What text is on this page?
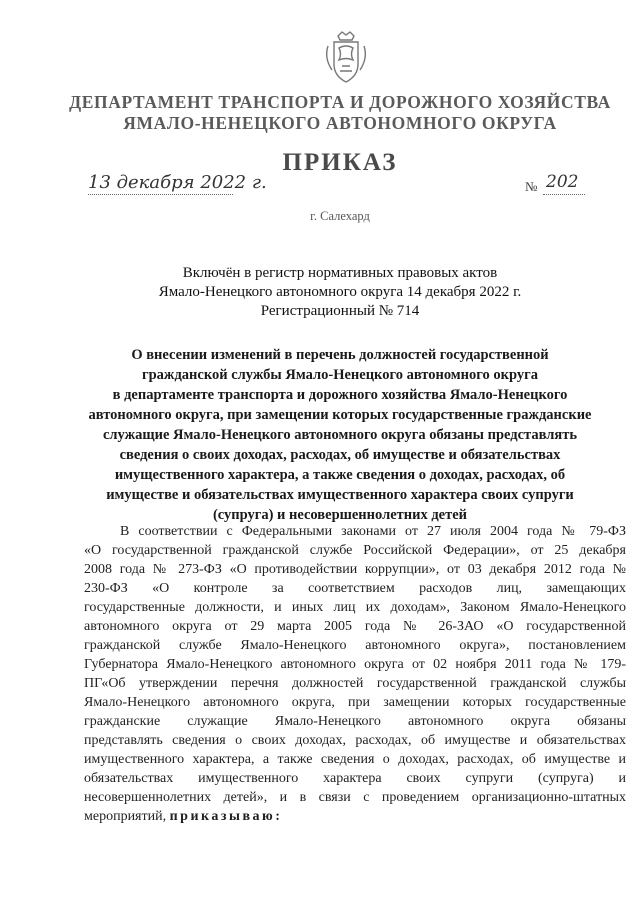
ДЕПАРТАМЕНТ ТРАНСПОРТА И ДОРОЖНОГО ХОЗЯЙСТВА
ЯМАЛО-НЕНЕЦКОГО АВТОНОМНОГО ОКРУГА
ПРИКАЗ
13 декабря 2022 г.	№ 202
г. Салехард
Включён в регистр нормативных правовых актов
Ямало-Ненецкого автономного округа 14 декабря 2022 г.
Регистрационный № 714
О внесении изменений в перечень должностей государственной
гражданской службы Ямало-Ненецкого автономного округа
в департаменте транспорта и дорожного хозяйства Ямало-Ненецкого
автономного округа, при замещении которых государственные гражданские
служащие Ямало-Ненецкого автономного округа обязаны представлять
сведения о своих доходах, расходах, об имуществе и обязательствах
имущественного характера, а также сведения о доходах, расходах, об
имуществе и обязательствах имущественного характера своих супруги
(супруга) и несовершеннолетних детей
В соответствии с Федеральными законами от 27 июля 2004 года № 79-ФЗ
«О государственной гражданской службе Российской Федерации», от 25 декабря
2008 года № 273-ФЗ «О противодействии коррупции», от 03 декабря 2012 года №
230-ФЗ «О контроле за соответствием расходов лиц, замещающих
государственные должности, и иных лиц их доходам», Законом Ямало-Ненецкого
автономного округа от 29 марта 2005 года № 26-ЗАО «О государственной
гражданской службе Ямало-Ненецкого автономного округа», постановлением
Губернатора Ямало-Ненецкого автономного округа от 02 ноября 2011 года № 179-
ПГ«Об утверждении перечня должностей государственной гражданской службы
Ямало-Ненецкого автономного округа, при замещении которых государственные
гражданские служащие Ямало-Ненецкого автономного округа обязаны
представлять сведения о своих доходах, расходах, об имуществе и обязательствах
имущественного характера, а также сведения о доходах, расходах, об имуществе и
обязательствах имущественного характера своих супруги (супруга) и
несовершеннолетних детей», и в связи с проведением организационно-штатных
мероприятий, приказываю:
